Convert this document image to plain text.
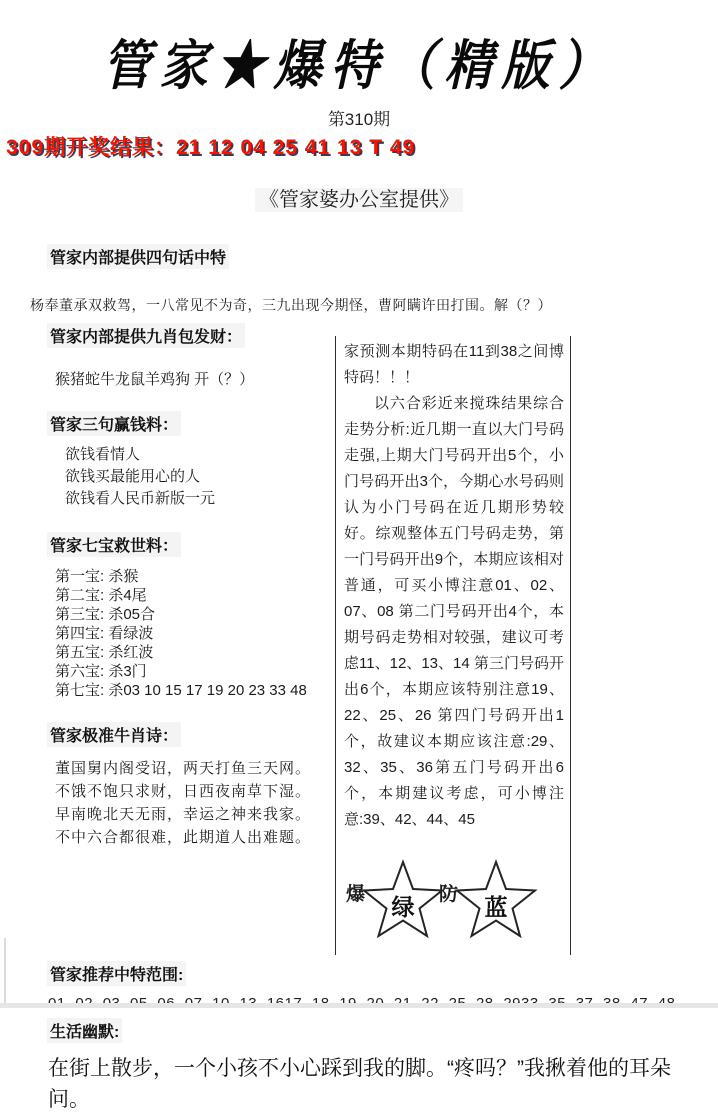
管家★爆特（精版）
第310期
309期开奖结果：21 12 04 25 41 13 T 49
《管家婆办公室提供》
管家内部提供四句话中特
杨奉董承双救驾，一八常见不为奇，三九出现今期怪，曹阿瞒许田打围。解（？）
管家内部提供九肖包发财：
猴猪蛇牛龙鼠羊鸡狗 开（？）
管家三句赢钱料：
欲钱看情人
欲钱买最能用心的人
欲钱看人民币新版一元
管家七宝救世料：
第一宝: 杀猴
第二宝: 杀4尾
第三宝: 杀05合
第四宝: 看绿波
第五宝: 杀红波
第六宝: 杀3门
第七宝: 杀03 10 15 17 19 20 23 33 48
管家极准牛肖诗：
董国舅内阁受诏，两天打鱼三天网。
不饿不饱只求财，日西夜南草下湿。
早南晚北天无雨，幸运之神来我家。
不中六合都很难，此期道人出难题。
家预测本期特码在11到38之间博特码！！！
以六合彩近来搅珠结果综合走势分析:近几期一直以大门号码走强,上期大门号码开出5个，小门号码开出3个，今期心水号码则认为小门号码在近几期形势较好。综观整体五门号码走势，第一门号码开出9个，本期应该相对普通，可买小博注意01、02、07、08 第二门号码开出4个，本期号码走势相对较强，建议可考虑11、12、13、14 第三门号码开出6个，本期应该特别注意19、22、25、26 第四门号码开出1个，故建议本期应该注意:29、32、35、36第五门号码开出6个，本期建议考虑，可小博注意:39、42、44、45
爆	绿	防	蓝
管家推荐中特范围:
生活幽默:
在街上散步，一个小孩不小心踩到我的脚。“疼吗？”我揪着他的耳朵问。
